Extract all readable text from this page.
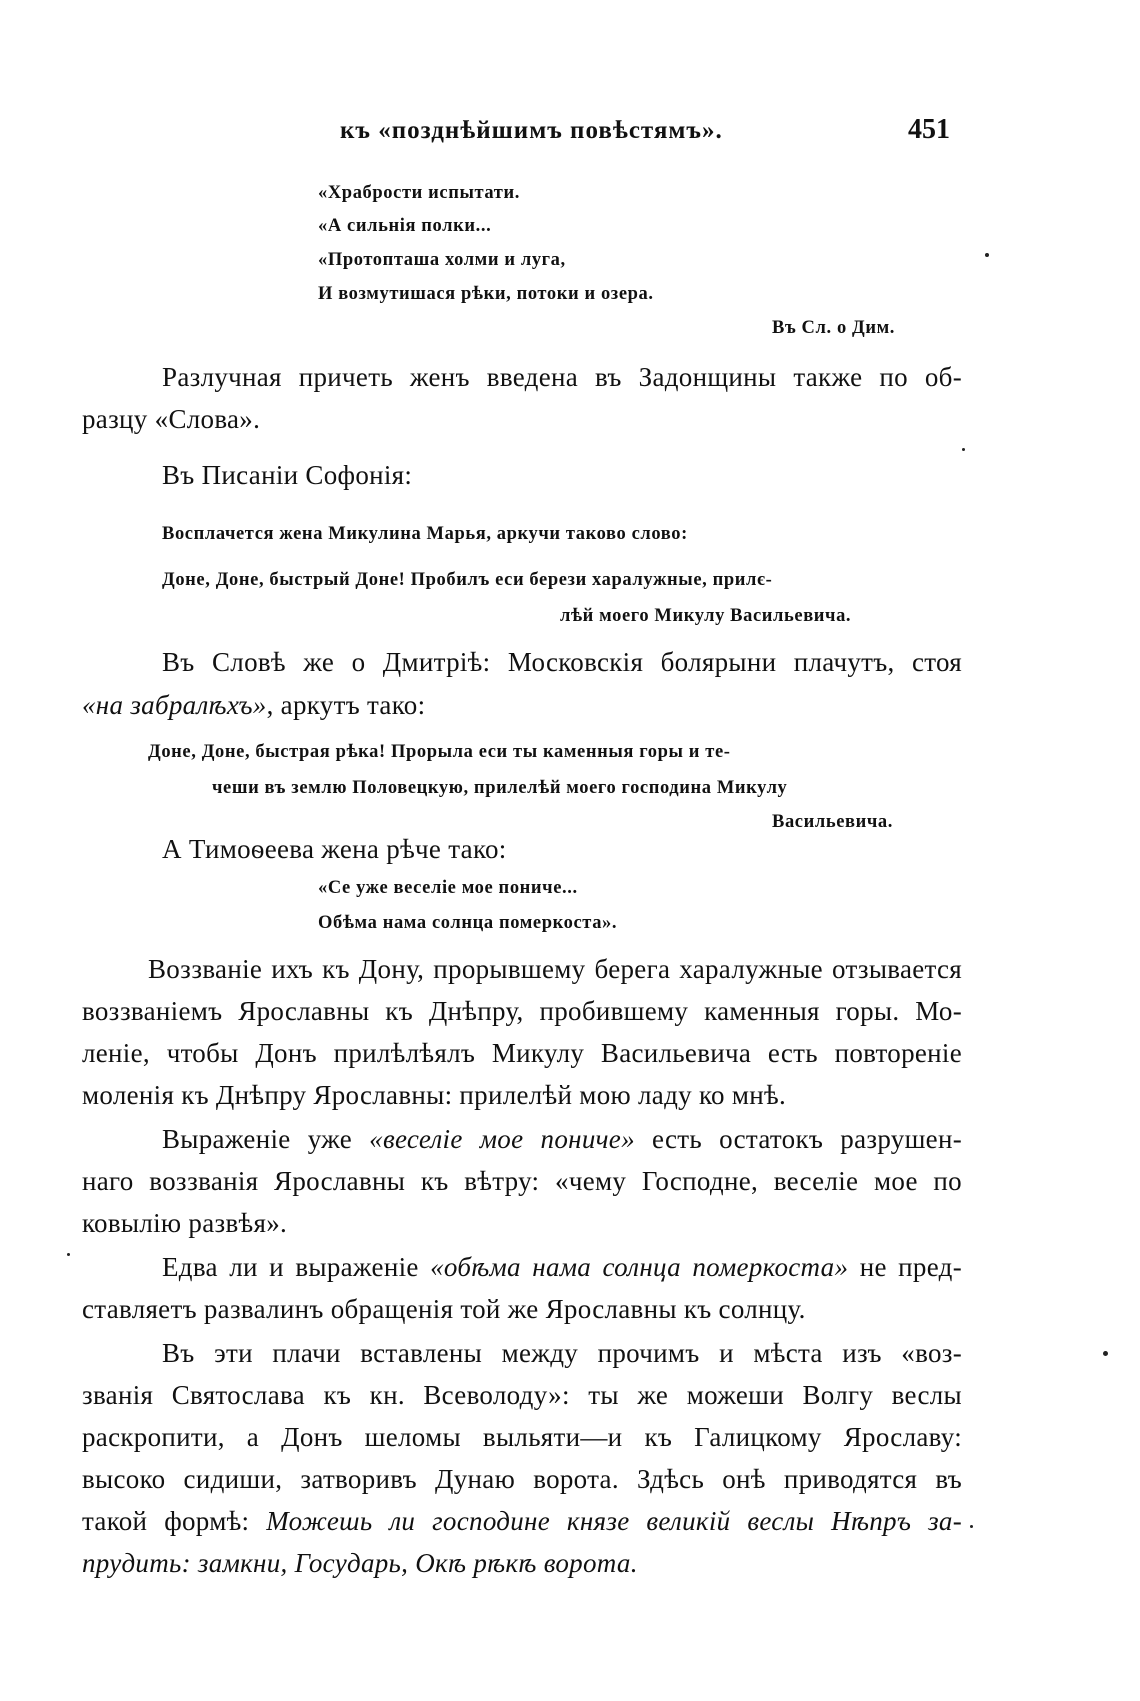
къ «позднѣйшимъ повѣстямъ».	451
«Храбрости испытати.
«А сильнія полки...
«Протопташа холми и луга,
И возмутишася рѣки, потоки и озера.
Въ Сл. о Дим.
Разлучная причеть женъ введена въ Задонщины также по об-
разцу «Слова».
Въ Писаніи Софонія:
Восплачется жена Микулина Марья, аркучи таково слово:
Доне, Доне, быстрый Доне! Пробилъ еси берези харалужные, прилє-
лѣй моего Микулу Васильевича.
Въ Словѣ же о Дмитріѣ: Московскія болярыни плачутъ, стоя
«на забралѣхъ», аркутъ тако:
Доне, Доне, быстрая рѣка! Прорыла еси ты каменныя горы и те-
чеши въ землю Половецкую, прилелѣй моего господина Микулу
Васильевича.
А Тимоѳеева жена рѣче тако:
«Се уже веселіе мое пониче...
Обѣма нама солнца померкоста».
Воззваніе ихъ къ Дону, прорывшему берега харалужные отзывается
воззваніемъ Ярославны къ Днѣпру, пробившему каменныя горы. Мо-
леніе, чтобы Донъ прилѣлѣялъ Микулу Васильевича есть повтореніе
моленія къ Днѣпру Ярославны: прилелѣй мою ладу ко мнѣ.
Выраженіе уже «веселіе мое пониче» есть остатокъ разрушен-
наго воззванія Ярославны къ вѣтру: «чему Господне, веселіе мое по
ковылію развѣя».
Едва ли и выраженіе «обѣма нама солнца померкоста» не пред-
ставляетъ развалинъ обращенія той же Ярославны къ солнцу.
Въ эти плачи вставлены между прочимъ и мѣста изъ «воз-
званія Святослава къ кн. Всеволоду»: ты же можеши Волгу веслы
раскропити, а Донъ шеломы выльяти—и къ Галицкому Ярославу:
высоко сидиши, затворивъ Дунаю ворота. Здѣсь онѣ приводятся въ
такой формѣ: Можешь ли господине князе великій веслы Нѣпръ за-
прудить: замкни, Государь, Окѣ рѣкѣ ворота.
